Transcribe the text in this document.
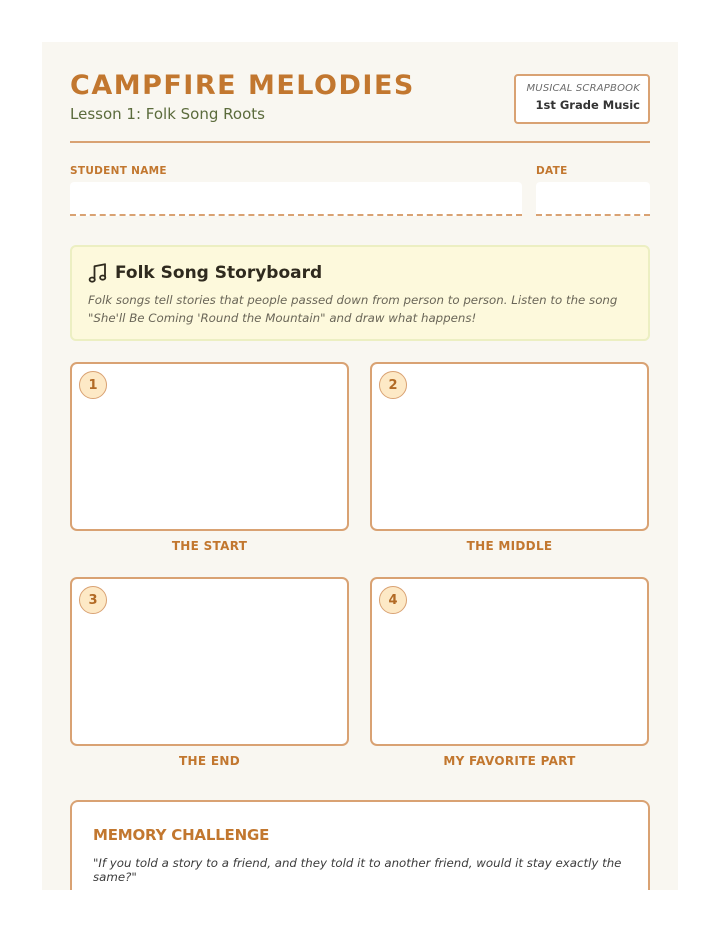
CAMPFIRE MELODIES
Lesson 1: Folk Song Roots
MUSICAL SCRAPBOOK
1st Grade Music
STUDENT NAME	DATE
Folk Song Storyboard
Folk songs tell stories that people passed down from person to person. Listen to the song "She'll Be Coming 'Round the Mountain" and draw what happens!
1
THE START
2
THE MIDDLE
3
THE END
4
MY FAVORITE PART
MEMORY CHALLENGE
"If you told a story to a friend, and they told it to another friend, would it stay exactly the same?"
